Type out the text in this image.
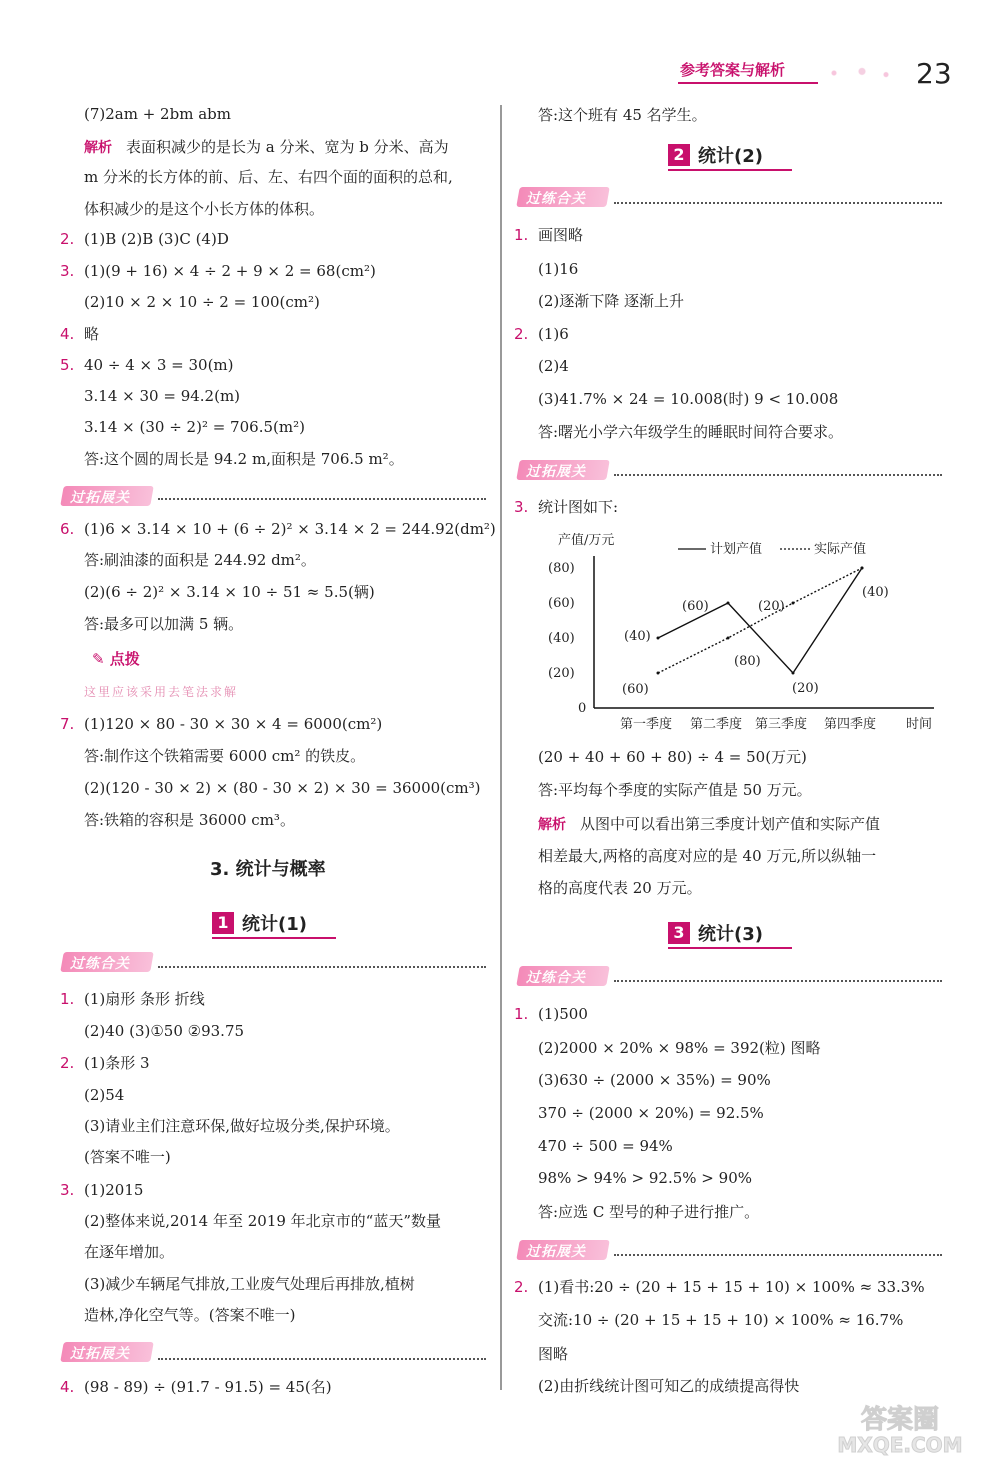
参考答案与解析	23
(7)2am + 2bm abm
解析 表面积减少的是长为 a 分米、宽为 b 分米、高为
m 分米的长方体的前、后、左、右四个面的面积的总和,
体积减少的是这个小长方体的体积。
2. (1)B (2)B (3)C (4)D
3. (1)(9 + 16) × 4 ÷ 2 + 9 × 2 = 68(cm²)
(2)10 × 2 × 10 ÷ 2 = 100(cm²)
4. 略
5. 40 ÷ 4 × 3 = 30(m)
3.14 × 30 = 94.2(m)
3.14 × (30 ÷ 2)² = 706.5(m²)
答:这个圆的周长是 94.2 m,面积是 706.5 m²。
6. (1)6 × 3.14 × 10 + (6 ÷ 2)² × 3.14 × 2 = 244.92(dm²)
答:刷油漆的面积是 244.92 dm²。
(2)(6 ÷ 2)² × 3.14 × 10 ÷ 51 ≈ 5.5(辆)
答:最多可以加满 5 辆。
7. (1)120 × 80 - 30 × 30 × 4 = 6000(cm²)
答:制作这个铁箱需要 6000 cm² 的铁皮。
(2)(120 - 30 × 2) × (80 - 30 × 2) × 30 = 36000(cm³)
答:铁箱的容积是 36000 cm³。
1. (1)扇形 条形 折线
(2)40 (3)①50 ②93.75
2. (1)条形 3
(2)54
(3)请业主们注意环保,做好垃圾分类,保护环境。
(答案不唯一)
3. (1)2015
(2)整体来说,2014 年至 2019 年北京市的“蓝天”数量
在逐年增加。
(3)减少车辆尾气排放,工业废气处理后再排放,植树
造林,净化空气等。(答案不唯一)
4. (98 - 89) ÷ (91.7 - 91.5) = 45(名)
答:这个班有 45 名学生。
1. 画图略
(1)16
(2)逐渐下降 逐渐上升
2. (1)6
(2)4
(3)41.7% × 24 = 10.008(时) 9 < 10.008
答:曙光小学六年级学生的睡眠时间符合要求。
3. 统计图如下:
(20 + 40 + 60 + 80) ÷ 4 = 50(万元)
答:平均每个季度的实际产值是 50 万元。
解析 从图中可以看出第三季度计划产值和实际产值
相差最大,两格的高度对应的是 40 万元,所以纵轴一
格的高度代表 20 万元。
1. (1)500
(2)2000 × 20% × 98% = 392(粒) 图略
(3)630 ÷ (2000 × 35%) = 90%
370 ÷ (2000 × 20%) = 92.5%
470 ÷ 500 = 94%
98% > 94% > 92.5% > 90%
答:应选 C 型号的种子进行推广。
2. (1)看书:20 ÷ (20 + 15 + 15 + 10) × 100% ≈ 33.3%
交流:10 ÷ (20 + 15 + 15 + 10) × 100% ≈ 16.7%
图略
(2)由折线统计图可知乙的成绩提高得快
过拓展关
✎ 点拨
这里应该采用去笔法求解
3. 统计与概率
1 统计(1)
过练合关
过拓展关
2 统计(2)
过练合关
过拓展关
3 统计(3)
过练合关
过拓展关
产值/万元
时间
0
(20)
(40)
(60)
(80)
第一季度 第二季度 第三季度 第四季度
计划产值	实际产值
(40)
(60)	(20)
(80)
(20)
(40)
(60)
答案圈
MXQE.COM
